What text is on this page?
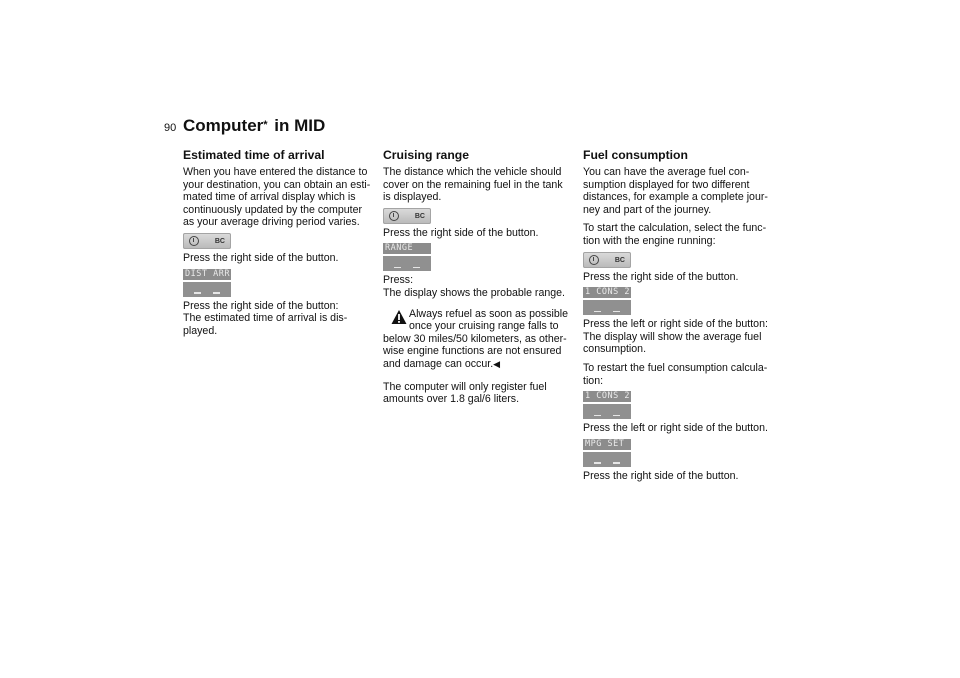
90 Computer* in MID
Estimated time of arrival

When you have entered the distance to
your destination, you can obtain an esti-
mated time of arrival display which is
continuously updated by the computer
as your average driving period varies.

BC

Press the right side of the button.

DIST ARR

Press the right side of the button:
The estimated time of arrival is dis-
played.

Cruising range

The distance which the vehicle should
cover on the remaining fuel in the tank
is displayed.

BC

Press the right side of the button.

RANGE

Press:
The display shows the probable range.

Always refuel as soon as possible
once your cruising range falls to
below 30 miles/50 kilometers, as other-
wise engine functions are not ensured
and damage can occur.◀

The computer will only register fuel
amounts over 1.8 gal/6 liters.

Fuel consumption

You can have the average fuel con-
sumption displayed for two different
distances, for example a complete jour-
ney and part of the journey.

To start the calculation, select the func-
tion with the engine running:

BC

Press the right side of the button.

1 CONS 2

Press the left or right side of the button:
The display will show the average fuel
consumption.

To restart the fuel consumption calcula-
tion:

1 CONS 2

Press the left or right side of the button.

MPG SET

Press the right side of the button.
